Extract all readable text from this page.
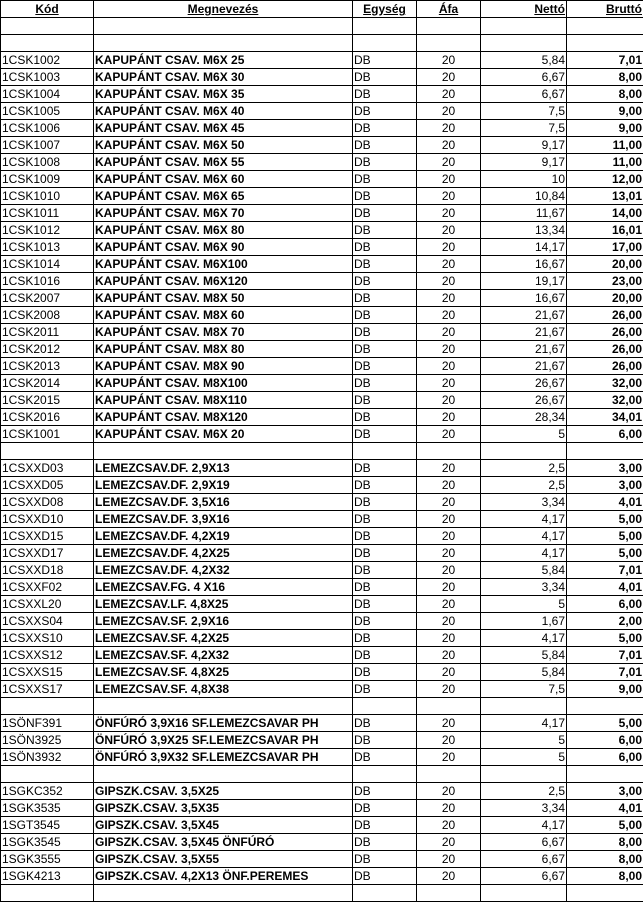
Kód	Megnevezés	Egység	Áfa	Nettó	Bruttó

1CSK1002	KAPUPÁNT CSAV. M6X 25	DB	20	5,84	7,01
1CSK1003	KAPUPÁNT CSAV. M6X 30	DB	20	6,67	8,00
1CSK1004	KAPUPÁNT CSAV. M6X 35	DB	20	6,67	8,00
1CSK1005	KAPUPÁNT CSAV. M6X 40	DB	20	7,5	9,00
1CSK1006	KAPUPÁNT CSAV. M6X 45	DB	20	7,5	9,00
1CSK1007	KAPUPÁNT CSAV. M6X 50	DB	20	9,17	11,00
1CSK1008	KAPUPÁNT CSAV. M6X 55	DB	20	9,17	11,00
1CSK1009	KAPUPÁNT CSAV. M6X 60	DB	20	10	12,00
1CSK1010	KAPUPÁNT CSAV. M6X 65	DB	20	10,84	13,01
1CSK1011	KAPUPÁNT CSAV. M6X 70	DB	20	11,67	14,00
1CSK1012	KAPUPÁNT CSAV. M6X 80	DB	20	13,34	16,01
1CSK1013	KAPUPÁNT CSAV. M6X 90	DB	20	14,17	17,00
1CSK1014	KAPUPÁNT CSAV. M6X100	DB	20	16,67	20,00
1CSK1016	KAPUPÁNT CSAV. M6X120	DB	20	19,17	23,00
1CSK2007	KAPUPÁNT CSAV. M8X 50	DB	20	16,67	20,00
1CSK2008	KAPUPÁNT CSAV. M8X 60	DB	20	21,67	26,00
1CSK2011	KAPUPÁNT CSAV. M8X 70	DB	20	21,67	26,00
1CSK2012	KAPUPÁNT CSAV. M8X 80	DB	20	21,67	26,00
1CSK2013	KAPUPÁNT CSAV. M8X 90	DB	20	21,67	26,00
1CSK2014	KAPUPÁNT CSAV. M8X100	DB	20	26,67	32,00
1CSK2015	KAPUPÁNT CSAV. M8X110	DB	20	26,67	32,00
1CSK2016	KAPUPÁNT CSAV. M8X120	DB	20	28,34	34,01
1CSK1001	KAPUPÁNT CSAV. M6X 20	DB	20	5	6,00

1CSXXD03	LEMEZCSAV.DF. 2,9X13	DB	20	2,5	3,00
1CSXXD05	LEMEZCSAV.DF. 2,9X19	DB	20	2,5	3,00
1CSXXD08	LEMEZCSAV.DF. 3,5X16	DB	20	3,34	4,01
1CSXXD10	LEMEZCSAV.DF. 3,9X16	DB	20	4,17	5,00
1CSXXD15	LEMEZCSAV.DF. 4,2X19	DB	20	4,17	5,00
1CSXXD17	LEMEZCSAV.DF. 4,2X25	DB	20	4,17	5,00
1CSXXD18	LEMEZCSAV.DF. 4,2X32	DB	20	5,84	7,01
1CSXXF02	LEMEZCSAV.FG. 4 X16	DB	20	3,34	4,01
1CSXXL20	LEMEZCSAV.LF. 4,8X25	DB	20	5	6,00
1CSXXS04	LEMEZCSAV.SF. 2,9X16	DB	20	1,67	2,00
1CSXXS10	LEMEZCSAV.SF. 4,2X25	DB	20	4,17	5,00
1CSXXS12	LEMEZCSAV.SF. 4,2X32	DB	20	5,84	7,01
1CSXXS15	LEMEZCSAV.SF. 4,8X25	DB	20	5,84	7,01
1CSXXS17	LEMEZCSAV.SF. 4,8X38	DB	20	7,5	9,00

1SÖNF391	ÖNFÚRÓ 3,9X16 SF.LEMEZCSAVAR PH	DB	20	4,17	5,00
1SÖN3925	ÖNFÚRÓ 3,9X25 SF.LEMEZCSAVAR PH	DB	20	5	6,00
1SÖN3932	ÖNFÚRÓ 3,9X32 SF.LEMEZCSAVAR PH	DB	20	5	6,00

1SGKC352	GIPSZK.CSAV. 3,5X25	DB	20	2,5	3,00
1SGK3535	GIPSZK.CSAV. 3,5X35	DB	20	3,34	4,01
1SGT3545	GIPSZK.CSAV. 3,5X45	DB	20	4,17	5,00
1SGK3545	GIPSZK.CSAV. 3,5X45 ÖNFÚRÓ	DB	20	6,67	8,00
1SGK3555	GIPSZK.CSAV. 3,5X55	DB	20	6,67	8,00
1SGK4213	GIPSZK.CSAV. 4,2X13 ÖNF.PEREMES	DB	20	6,67	8,00
